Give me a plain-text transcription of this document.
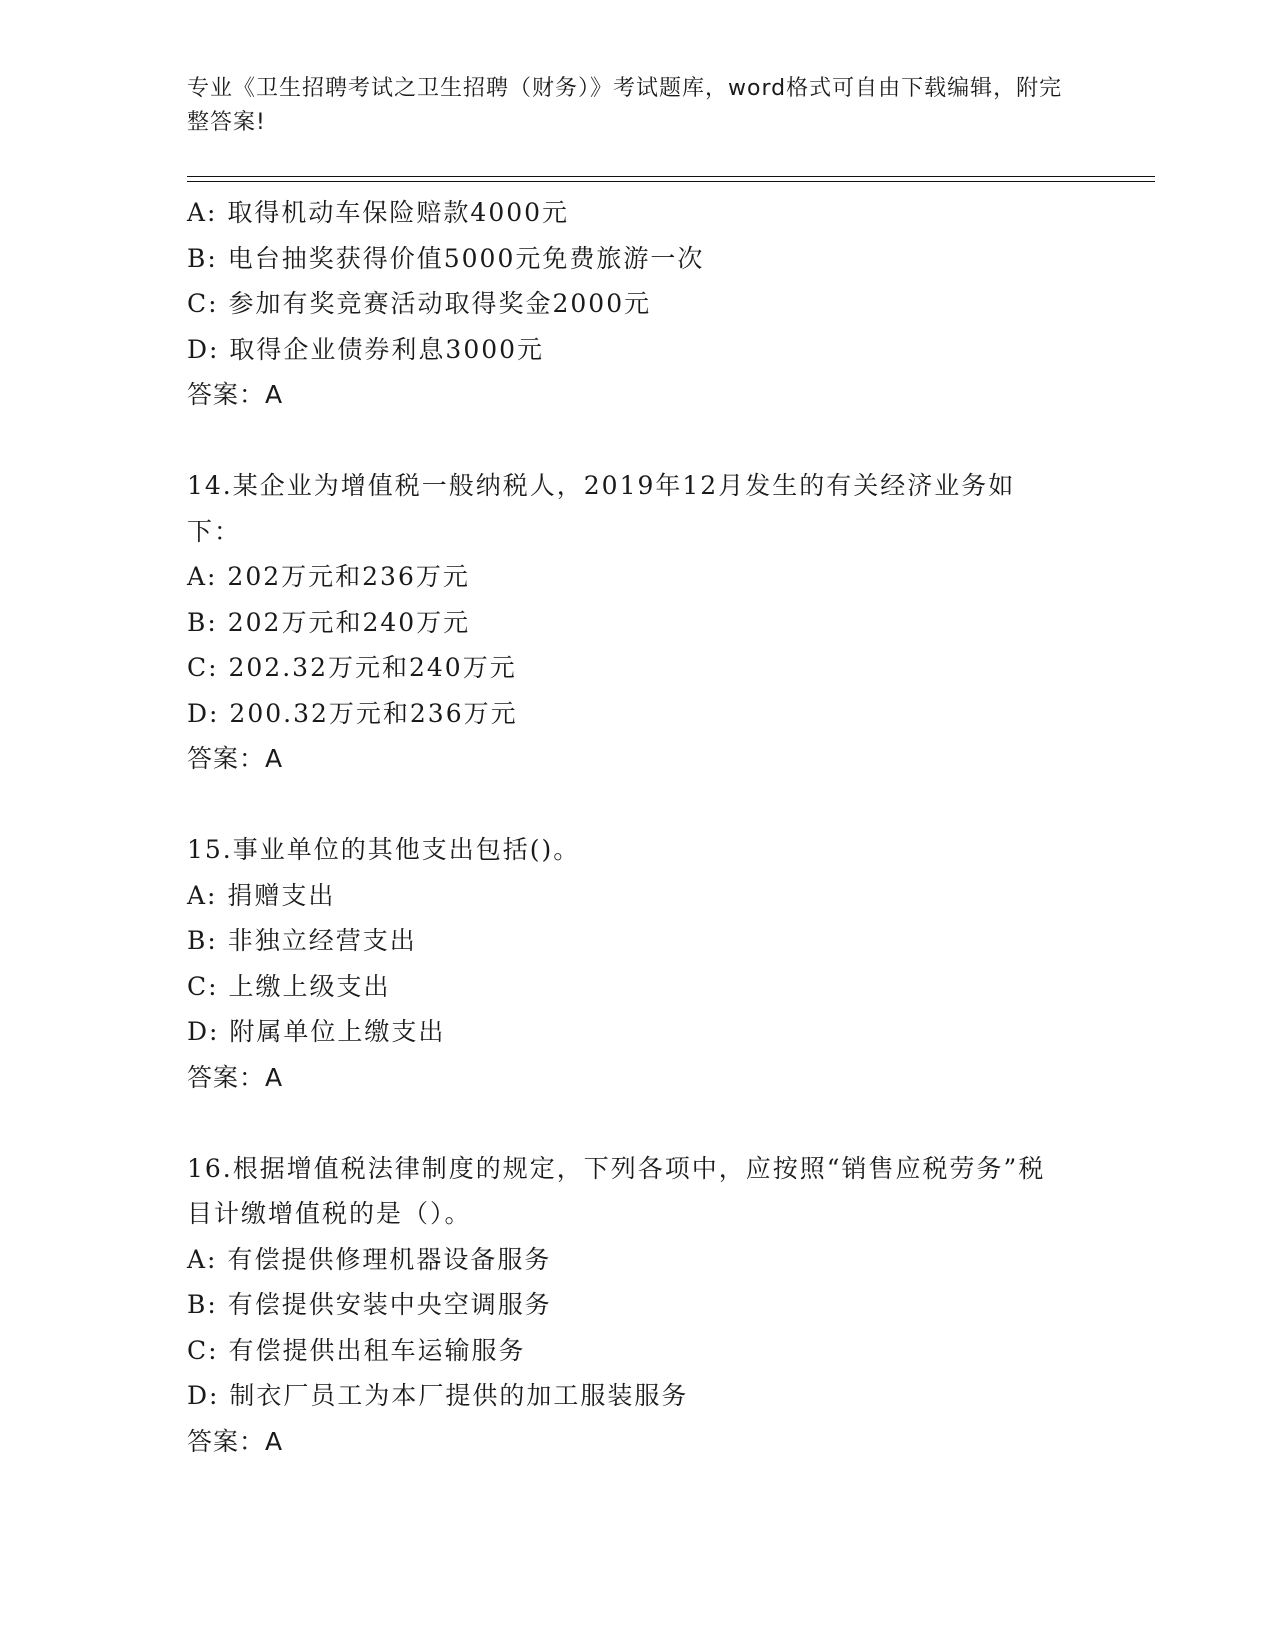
专业《卫生招聘考试之卫生招聘（财务）》考试题库，word格式可自由下载编辑，附完整答案!
A: 取得机动车保险赔款4000元
B: 电台抽奖获得价值5000元免费旅游一次
C: 参加有奖竞赛活动取得奖金2000元
D: 取得企业债券利息3000元
答案：A
14.某企业为增值税一般纳税人，2019年12月发生的有关经济业务如下：
A: 202万元和236万元
B: 202万元和240万元
C: 202.32万元和240万元
D: 200.32万元和236万元
答案：A
15.事业单位的其他支出包括()。
A: 捐赠支出
B: 非独立经营支出
C: 上缴上级支出
D: 附属单位上缴支出
答案：A
16.根据增值税法律制度的规定，下列各项中，应按照“销售应税劳务”税目计缴增值税的是（）。
A: 有偿提供修理机器设备服务
B: 有偿提供安装中央空调服务
C: 有偿提供出租车运输服务
D: 制衣厂员工为本厂提供的加工服装服务
答案：A
